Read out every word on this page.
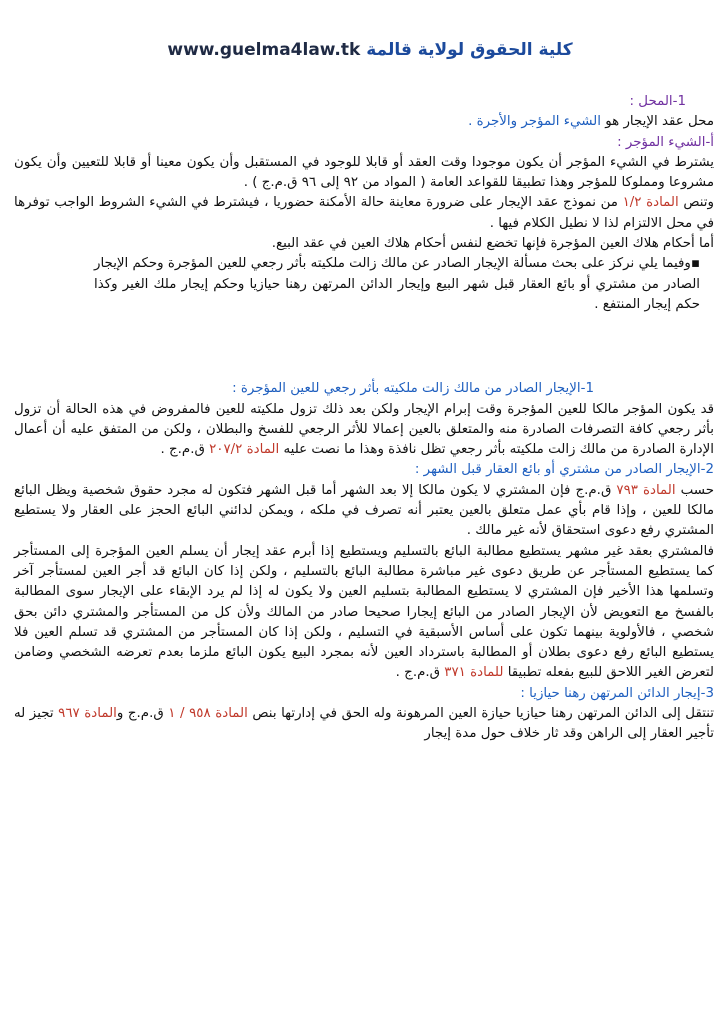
www.guelma4law.tk كلية الحقوق لولاية قالمة

1-المحل :

محل عقد الإيجار هو الشيء المؤجر والأجرة .

أ-الشيء المؤجر :

يشترط في الشيء المؤجر أن يكون موجودا وقت العقد أو قابلا للوجود في المستقبل وأن يكون معينا أو قابلا للتعيين وأن يكون مشروعا ومملوكا للمؤجر وهذا تطبيقا للقواعد العامة ( المواد من ٩٢ إلى ٩٦ ق.م.ج ) .

وتنص المادة ١/٢ من نموذج عقد الإيجار على ضرورة معاينة حالة الأمكنة حضوريا ، فيشترط في الشيء الشروط الواجب توفرها في محل الالتزام لذا لا نطيل الكلام فيها .

أما أحكام هلاك العين المؤجرة فإنها تخضع لنفس أحكام هلاك العين في عقد البيع.

▪وفيما يلي نركز على بحث مسألة الإيجار الصادر عن مالك زالت ملكيته بأثر رجعي للعين المؤجرة وحكم الإيجار الصادر من مشتري أو بائع العقار قبل شهر البيع وإيجار الدائن المرتهن رهنا حيازيا وحكم إيجار ملك الغير وكذا حكم إيجار المنتفع .

1-الإيجار الصادر من مالك زالت ملكيته بأثر رجعي للعين المؤجرة :

قد يكون المؤجر مالكا للعين المؤجرة وقت إبرام الإيجار ولكن بعد ذلك تزول ملكيته للعين فالمفروض في هذه الحالة أن تزول بأثر رجعي كافة التصرفات الصادرة منه والمتعلق بالعين إعمالا للأثر الرجعي للفسخ والبطلان ، ولكن من المتفق عليه أن أعمال الإدارة الصادرة من مالك زالت ملكيته بأثر رجعي تظل نافذة وهذا ما نصت عليه المادة ٢٠٧/٢ ق.م.ج .

2-الإيجار الصادر من مشتري أو بائع العقار قبل الشهر :

حسب المادة ٧٩٣ ق.م.ج فإن المشتري لا يكون مالكا إلا بعد الشهر أما قبل الشهر فتكون له مجرد حقوق شخصية ويظل البائع مالكا للعين ، وإذا قام بأي عمل متعلق بالعين يعتبر أنه تصرف في ملكه ، ويمكن لدائني البائع الحجز على العقار ولا يستطيع المشتري رفع دعوى استحقاق لأنه غير مالك .

فالمشتري بعقد غير مشهر يستطيع مطالبة البائع بالتسليم ويستطيع إذا أبرم عقد إيجار أن يسلم العين المؤجرة إلى المستأجر كما يستطيع المستأجر عن طريق دعوى غير مباشرة مطالبة البائع بالتسليم ، ولكن إذا كان البائع قد أجر العين لمستأجر آخر وتسلمها هذا الأخير فإن المشتري لا يستطيع المطالبة بتسليم العين ولا يكون له إذا لم يرد الإبقاء على الإيجار سوى المطالبة بالفسخ مع التعويض لأن الإيجار الصادر من البائع إيجارا صحيحا صادر من المالك ولأن كل من المستأجر والمشتري دائن بحق شخصي ، فالأولوية بينهما تكون على أساس الأسبقية في التسليم ، ولكن إذا كان المستأجر من المشتري قد تسلم العين فلا يستطيع البائع رفع دعوى بطلان أو المطالبة باسترداد العين لأنه بمجرد البيع يكون البائع ملزما بعدم تعرضه الشخصي وضامن لتعرض الغير اللاحق للبيع بفعله تطبيقا للمادة ٣٧١ ق.م.ج .

3-إيجار الدائن المرتهن رهنا حيازيا :

تنتقل إلى الدائن المرتهن رهنا حيازيا حيازة العين المرهونة وله الحق في إدارتها بنص المادة ٩٥٨ / ١ ق.م.ج والمادة ٩٦٧ تجيز له تأجير العقار إلى الراهن وقد ثار خلاف حول مدة إيجار
